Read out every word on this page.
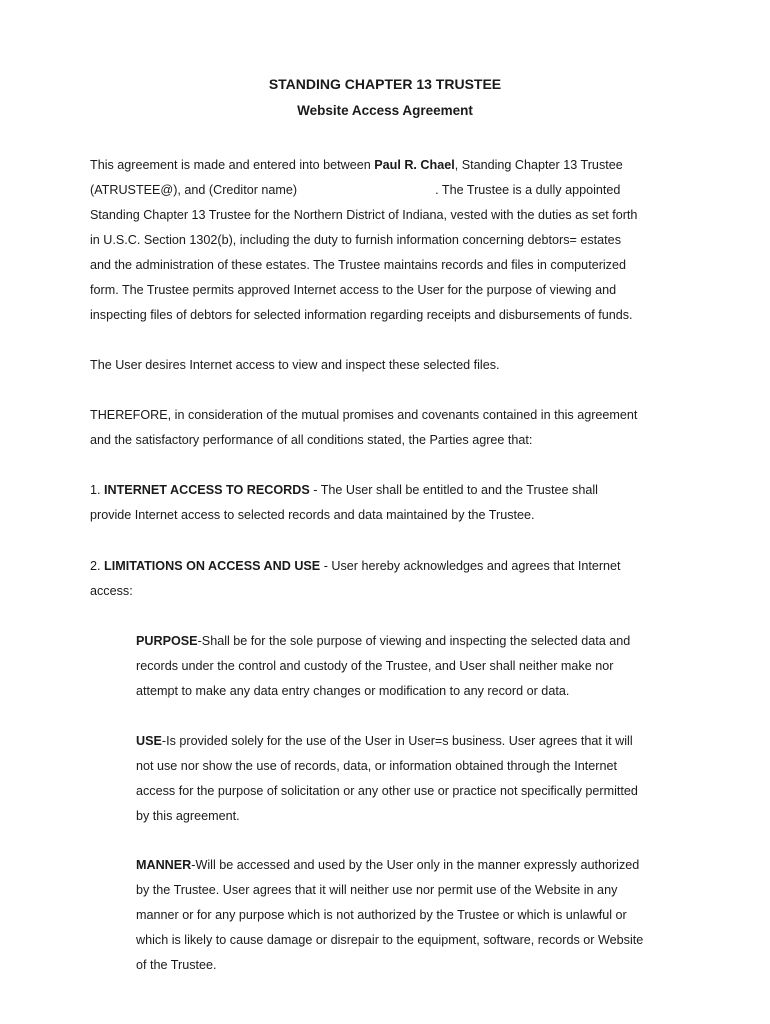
STANDING CHAPTER 13 TRUSTEE
Website Access Agreement
This agreement is made and entered into between Paul R. Chael, Standing Chapter 13 Trustee
(ATRUSTEE@), and (Creditor name)	. The Trustee is a dully appointed
Standing Chapter 13 Trustee for the Northern District of Indiana, vested with the duties as set forth
in U.S.C. Section 1302(b), including the duty to furnish information concerning debtors= estates
and the administration of these estates. The Trustee maintains records and files in computerized
form. The Trustee permits approved Internet access to the User for the purpose of viewing and
inspecting files of debtors for selected information regarding receipts and disbursements of funds.
The User desires Internet access to view and inspect these selected files.
THEREFORE, in consideration of the mutual promises and covenants contained in this agreement
and the satisfactory performance of all conditions stated, the Parties agree that:
1. INTERNET ACCESS TO RECORDS - The User shall be entitled to and the Trustee shall
provide Internet access to selected records and data maintained by the Trustee.
2. LIMITATIONS ON ACCESS AND USE - User hereby acknowledges and agrees that Internet
access:
PURPOSE-Shall be for the sole purpose of viewing and inspecting the selected data and
records under the control and custody of the Trustee, and User shall neither make nor
attempt to make any data entry changes or modification to any record or data.
USE-Is provided solely for the use of the User in User=s business. User agrees that it will
not use nor show the use of records, data, or information obtained through the Internet
access for the purpose of solicitation or any other use or practice not specifically permitted
by this agreement.
MANNER-Will be accessed and used by the User only in the manner expressly authorized
by the Trustee. User agrees that it will neither use nor permit use of the Website in any
manner or for any purpose which is not authorized by the Trustee or which is unlawful or
which is likely to cause damage or disrepair to the equipment, software, records or Website
of the Trustee.
